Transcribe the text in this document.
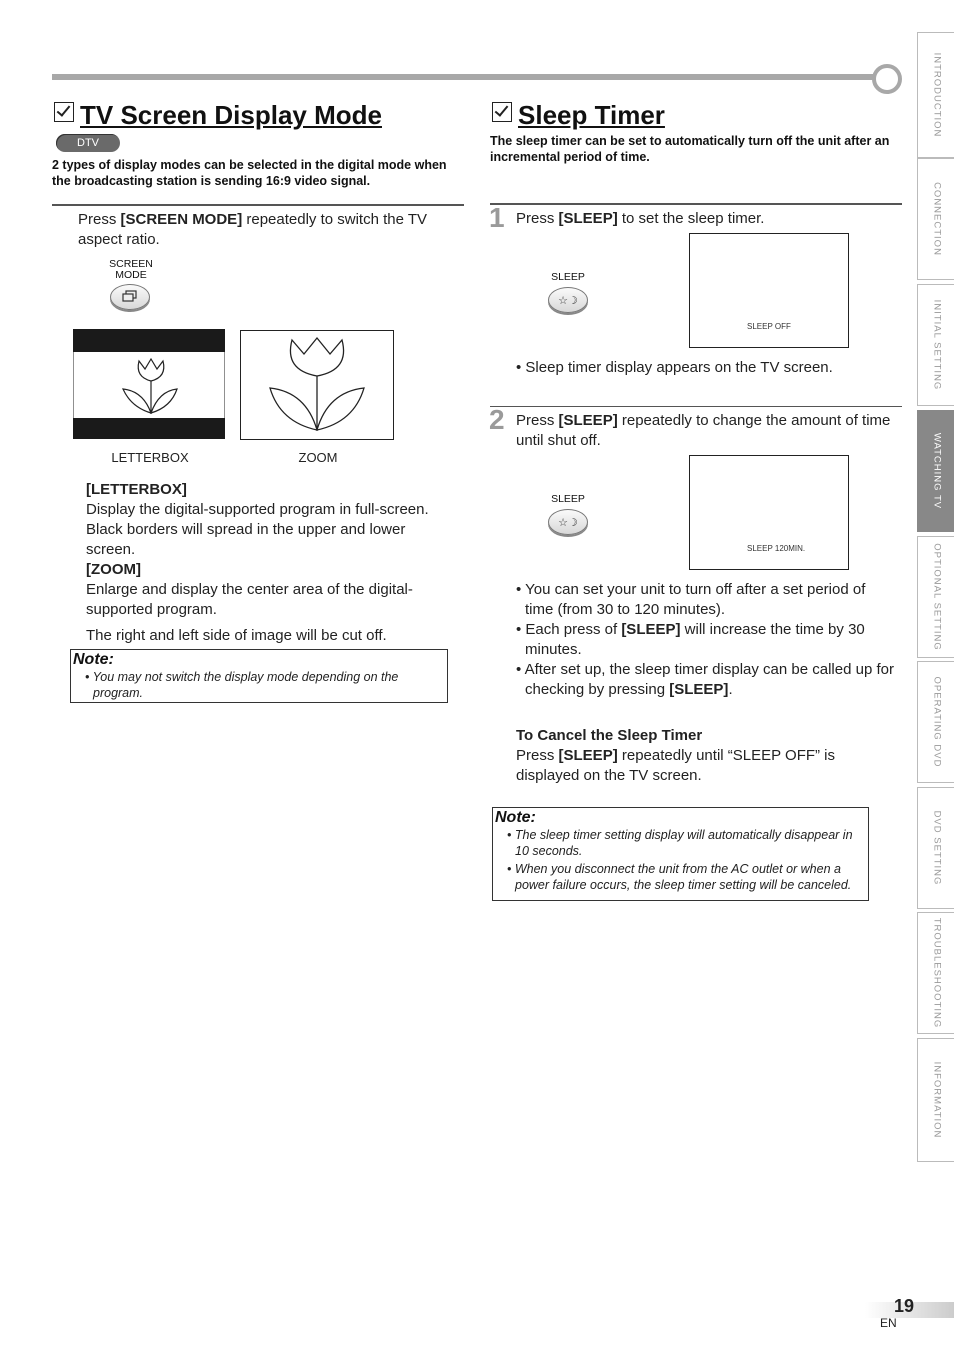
TV Screen Display Mode
DTV
2 types of display modes can be selected in the digital mode when the broadcasting station is sending 16:9 video signal.
Press [SCREEN MODE] repeatedly to switch the TV aspect ratio.
SCREEN
MODE
LETTERBOX	ZOOM
[LETTERBOX]
Display the digital-supported program in full-screen. Black borders will spread in the upper and lower screen.
[ZOOM]
Enlarge and display the center area of the digital-supported program.
The right and left side of image will be cut off.
Note:
• You may not switch the display mode depending on the program.
Sleep Timer
The sleep timer can be set to automatically turn off the unit after an incremental period of time.
1 Press [SLEEP] to set the sleep timer.
SLEEP
☆☽
SLEEP OFF
• Sleep timer display appears on the TV screen.
2 Press [SLEEP] repeatedly to change the amount of time until shut off.
SLEEP
☆☽
SLEEP 120MIN.
• You can set your unit to turn off after a set period of time (from 30 to 120 minutes).
• Each press of [SLEEP] will increase the time by 30 minutes.
• After set up, the sleep timer display can be called up for checking by pressing [SLEEP].
To Cancel the Sleep Timer
Press [SLEEP] repeatedly until “SLEEP OFF” is displayed on the TV screen.
Note:
• The sleep timer setting display will automatically disappear in 10 seconds.
• When you disconnect the unit from the AC outlet or when a power failure occurs, the sleep timer setting will be canceled.
INTRODUCTION
CONNECTION
INITIAL SETTING
WATCHING TV
OPTIONAL SETTING
OPERATING DVD
DVD SETTING
TROUBLESHOOTING
INFORMATION
19
EN
